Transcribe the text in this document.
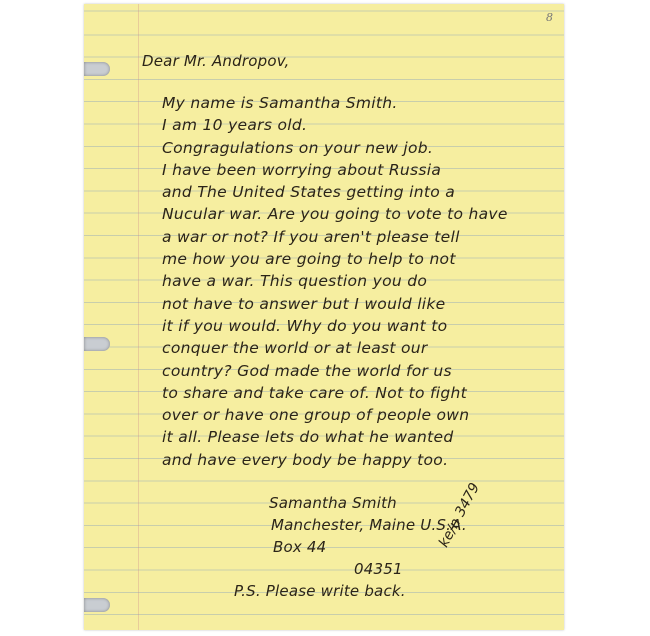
8
Dear Mr. Andropov,
My name is Samantha Smith.
I am 10 years old.
Congragulations on your new job.
I have been worrying about Russia
and The United States getting into a
Nucular war. Are you going to vote to have
a war or not? If you aren't please tell
me how you are going to help to not
have a war. This question you do
not have to answer but I would like
it if you would. Why do you want to
conquer the world or at least our
country? God made the world for us
to share and take care of. Not to fight
over or have one group of people own
it all. Please lets do what he wanted
and have every body be happy too.
Samantha Smith
Manchester, Maine U.S.A.
Box 44
04351
P.S. Please write back.
ke/n 3479
